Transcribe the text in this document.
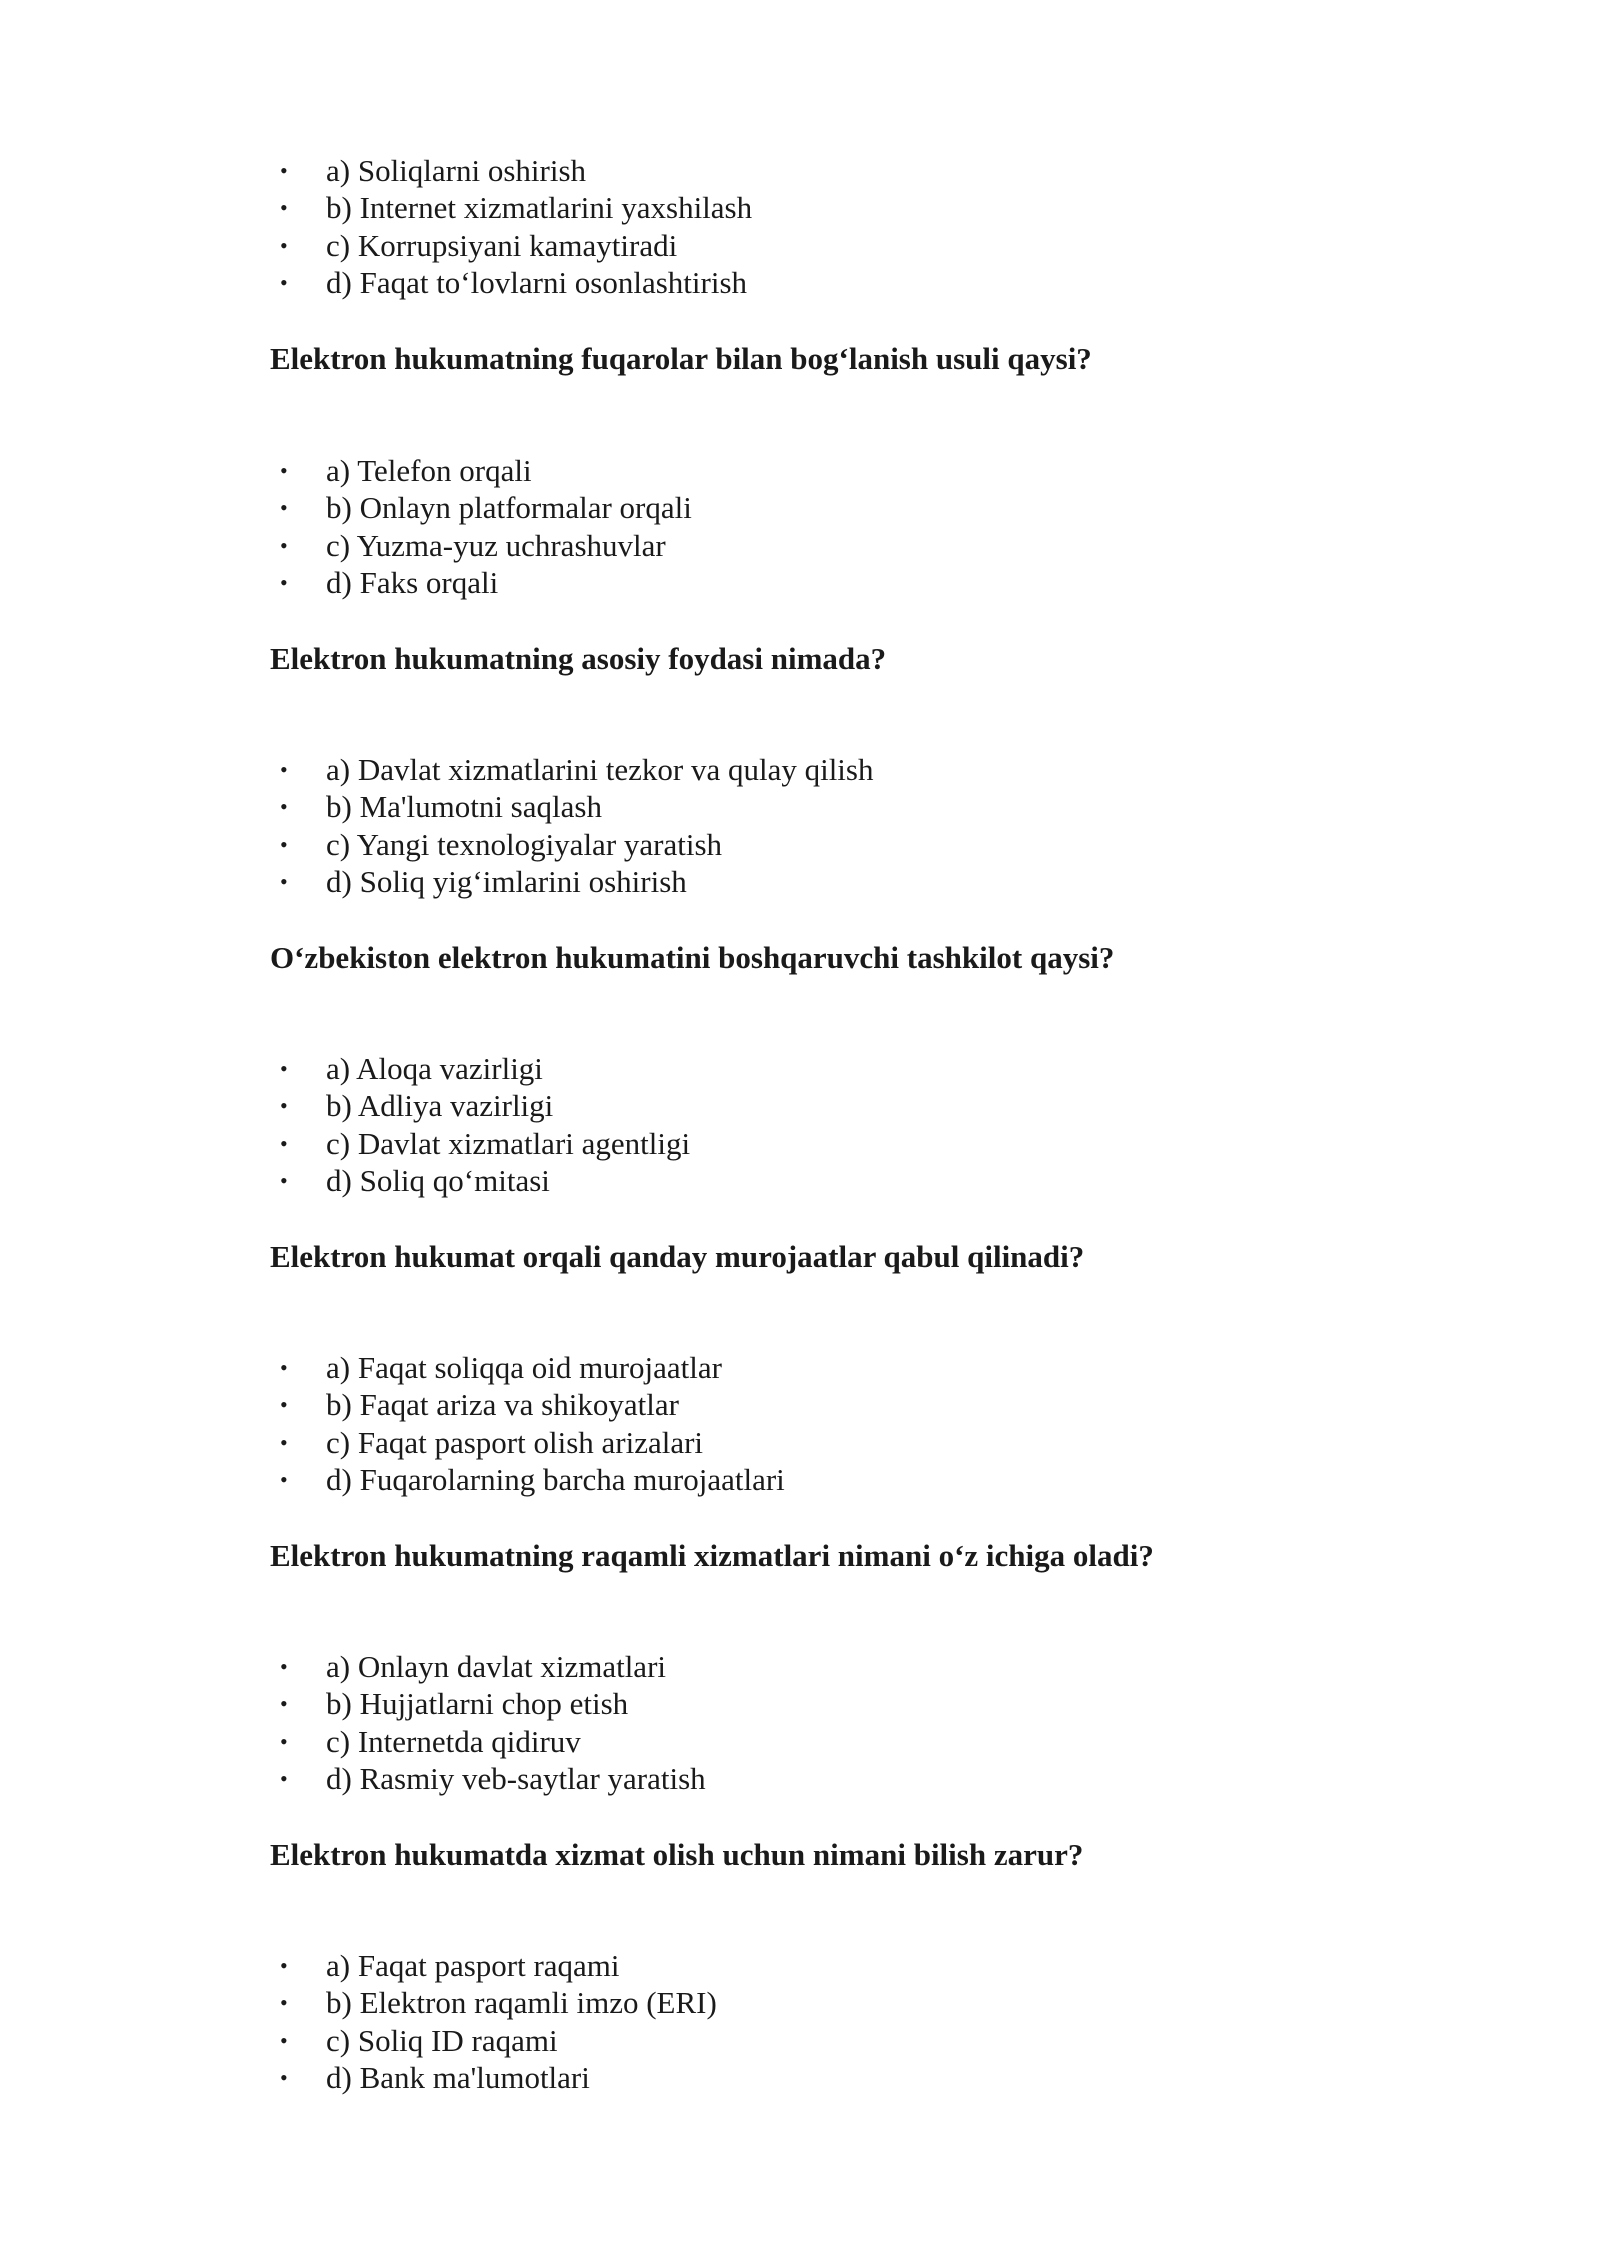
• a) Soliqlarni oshirish
• b) Internet xizmatlarini yaxshilash
• c) Korrupsiyani kamaytiradi
• d) Faqat to‘lovlarni osonlashtirish

Elektron hukumatning fuqarolar bilan bog‘lanish usuli qaysi?

• a) Telefon orqali
• b) Onlayn platformalar orqali
• c) Yuzma-yuz uchrashuvlar
• d) Faks orqali

Elektron hukumatning asosiy foydasi nimada?

• a) Davlat xizmatlarini tezkor va qulay qilish
• b) Ma'lumotni saqlash
• c) Yangi texnologiyalar yaratish
• d) Soliq yig‘imlarini oshirish

O‘zbekiston elektron hukumatini boshqaruvchi tashkilot qaysi?

• a) Aloqa vazirligi
• b) Adliya vazirligi
• c) Davlat xizmatlari agentligi
• d) Soliq qo‘mitasi

Elektron hukumat orqali qanday murojaatlar qabul qilinadi?

• a) Faqat soliqqa oid murojaatlar
• b) Faqat ariza va shikoyatlar
• c) Faqat pasport olish arizalari
• d) Fuqarolarning barcha murojaatlari

Elektron hukumatning raqamli xizmatlari nimani o‘z ichiga oladi?

• a) Onlayn davlat xizmatlari
• b) Hujjatlarni chop etish
• c) Internetda qidiruv
• d) Rasmiy veb-saytlar yaratish

Elektron hukumatda xizmat olish uchun nimani bilish zarur?

• a) Faqat pasport raqami
• b) Elektron raqamli imzo (ERI)
• c) Soliq ID raqami
• d) Bank ma'lumotlari
